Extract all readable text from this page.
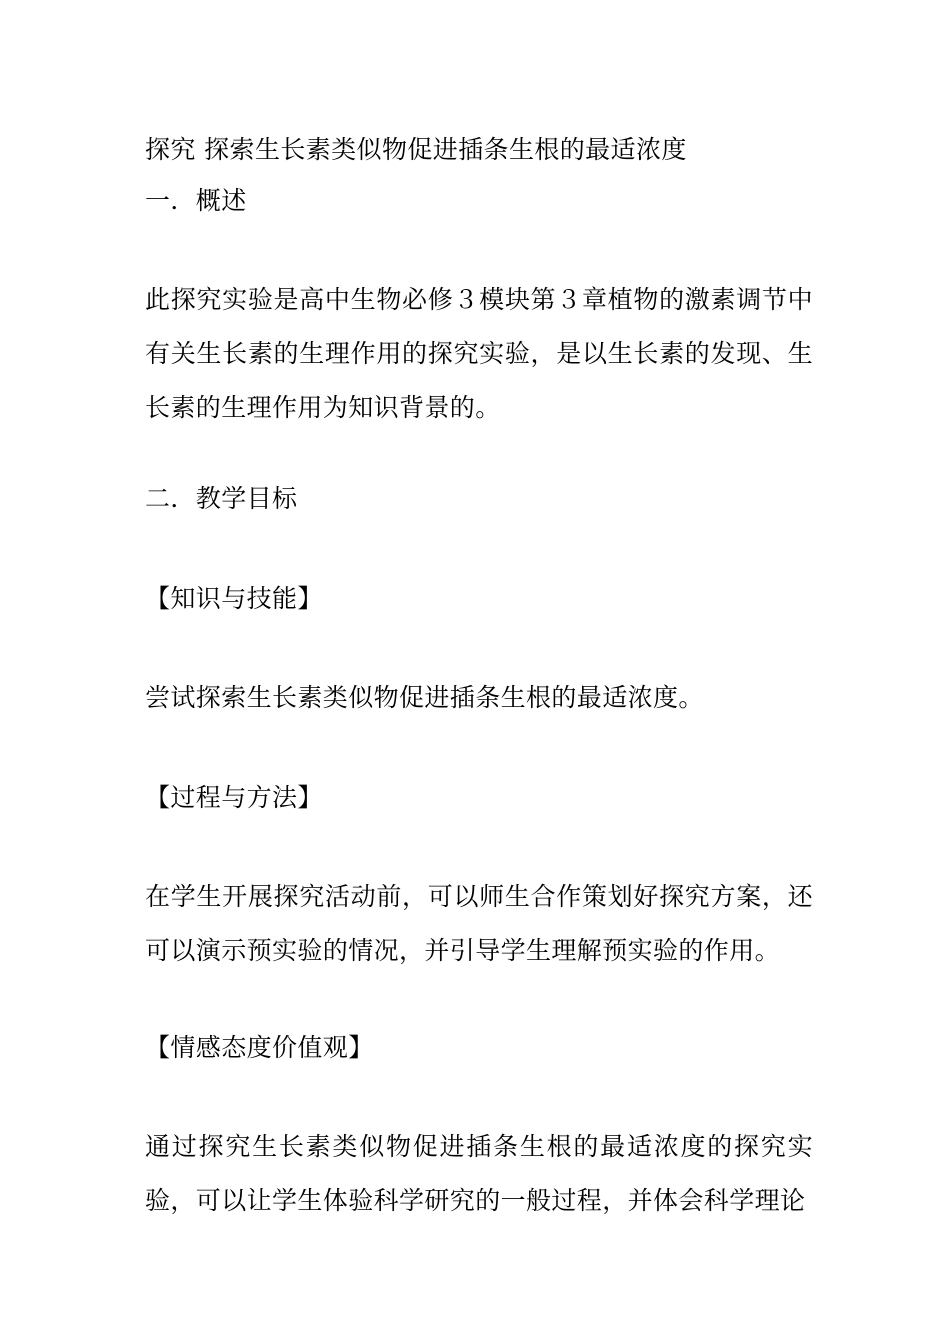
探究 探索生长素类似物促进插条生根的最适浓度
一．概述
此探究实验是高中生物必修３模块第３章植物的激素调节中有关生长素的生理作用的探究实验，是以生长素的发现、生长素的生理作用为知识背景的。
二．教学目标
【知识与技能】
尝试探索生长素类似物促进插条生根的最适浓度。
【过程与方法】
在学生开展探究活动前，可以师生合作策划好探究方案，还可以演示预实验的情况，并引导学生理解预实验的作用。
【情感态度价值观】
通过探究生长素类似物促进插条生根的最适浓度的探究实验，可以让学生体验科学研究的一般过程，并体会科学理论
